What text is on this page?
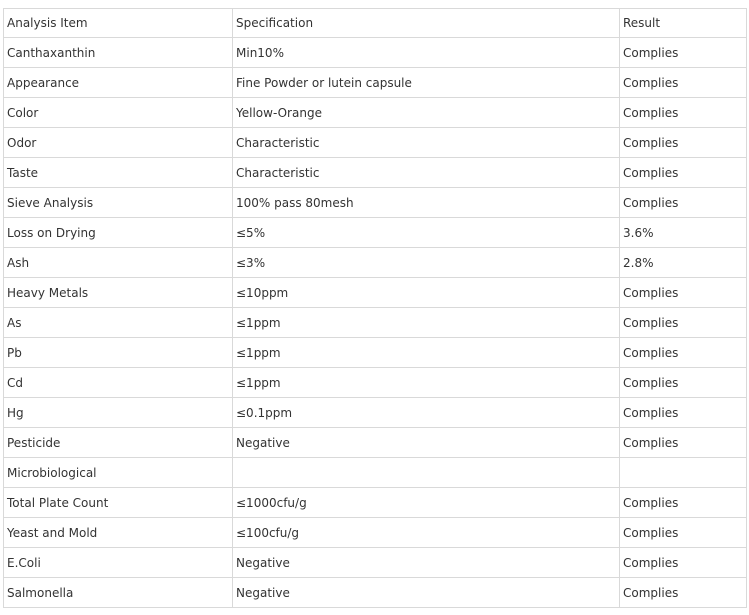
Analysis Item	Specification	Result
Canthaxanthin	Min10%	Complies
Appearance	Fine Powder or lutein capsule	Complies
Color	Yellow-Orange	Complies
Odor	Characteristic	Complies
Taste	Characteristic	Complies
Sieve Analysis	100% pass 80mesh	Complies
Loss on Drying	≤5%	3.6%
Ash	≤3%	2.8%
Heavy Metals	≤10ppm	Complies
As	≤1ppm	Complies
Pb	≤1ppm	Complies
Cd	≤1ppm	Complies
Hg	≤0.1ppm	Complies
Pesticide	Negative	Complies
Microbiological		
Total Plate Count	≤1000cfu/g	Complies
Yeast and Mold	≤100cfu/g	Complies
E.Coli	Negative	Complies
Salmonella	Negative	Complies
